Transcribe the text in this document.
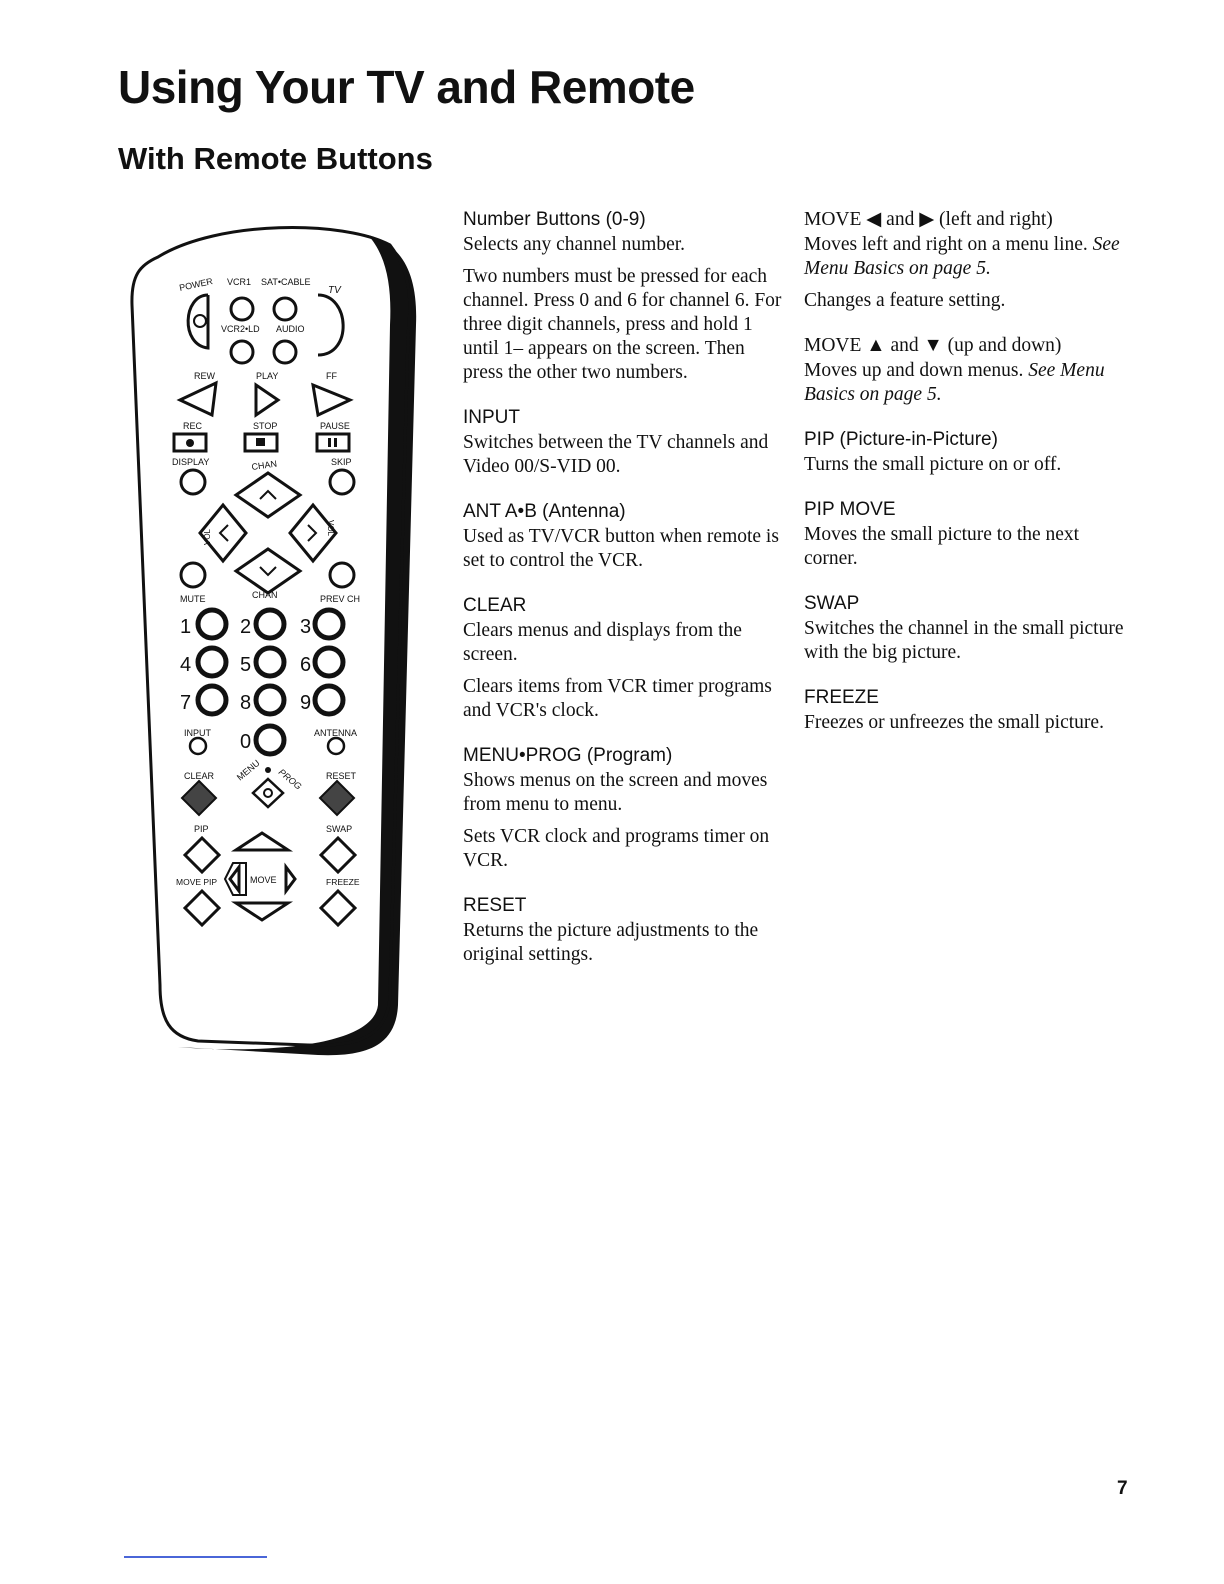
Using Your TV and Remote
With Remote Buttons
POWER VCR1 SAT•CABLE
TV
VCR2•LD AUDIO
REW	PLAY	FF
REC	STOP	PAUSE
DISPLAY	CHAN	SKIP
VOL
VOL
MUTE	CHAN	PREV CH
1 2 3
4 5 6
7 8 9
INPUT 0	ANTENNA
CLEAR	RESET
MENU PROG
PIP	SWAP
MOVE PIP	MOVE	FREEZE
Number Buttons (0-9)

Selects any channel number.

Two numbers must be pressed for each channel. Press 0 and 6 for channel 6. For three digit channels, press and hold 1 until 1– appears on the screen. Then press the other two numbers.

INPUT

Switches between the TV channels and Video 00/S-VID 00.

ANT A•B (Antenna)

Used as TV/VCR button when remote is set to control the VCR.

CLEAR

Clears menus and displays from the screen.

Clears items from VCR timer programs and VCR's clock.

MENU•PROG (Program)

Shows menus on the screen and moves from menu to menu.

Sets VCR clock and programs timer on VCR.

RESET

Returns the picture adjustments to the original settings.

MOVE ◀ and ▶ (left and right)

Moves left and right on a menu line. See Menu Basics on page 5.

Changes a feature setting.

MOVE ▲ and ▼ (up and down)

Moves up and down menus. See Menu Basics on page 5.

PIP (Picture-in-Picture)

Turns the small picture on or off.

PIP MOVE

Moves the small picture to the next corner.

SWAP

Switches the channel in the small picture with the big picture.

FREEZE

Freezes or unfreezes the small picture.

7
